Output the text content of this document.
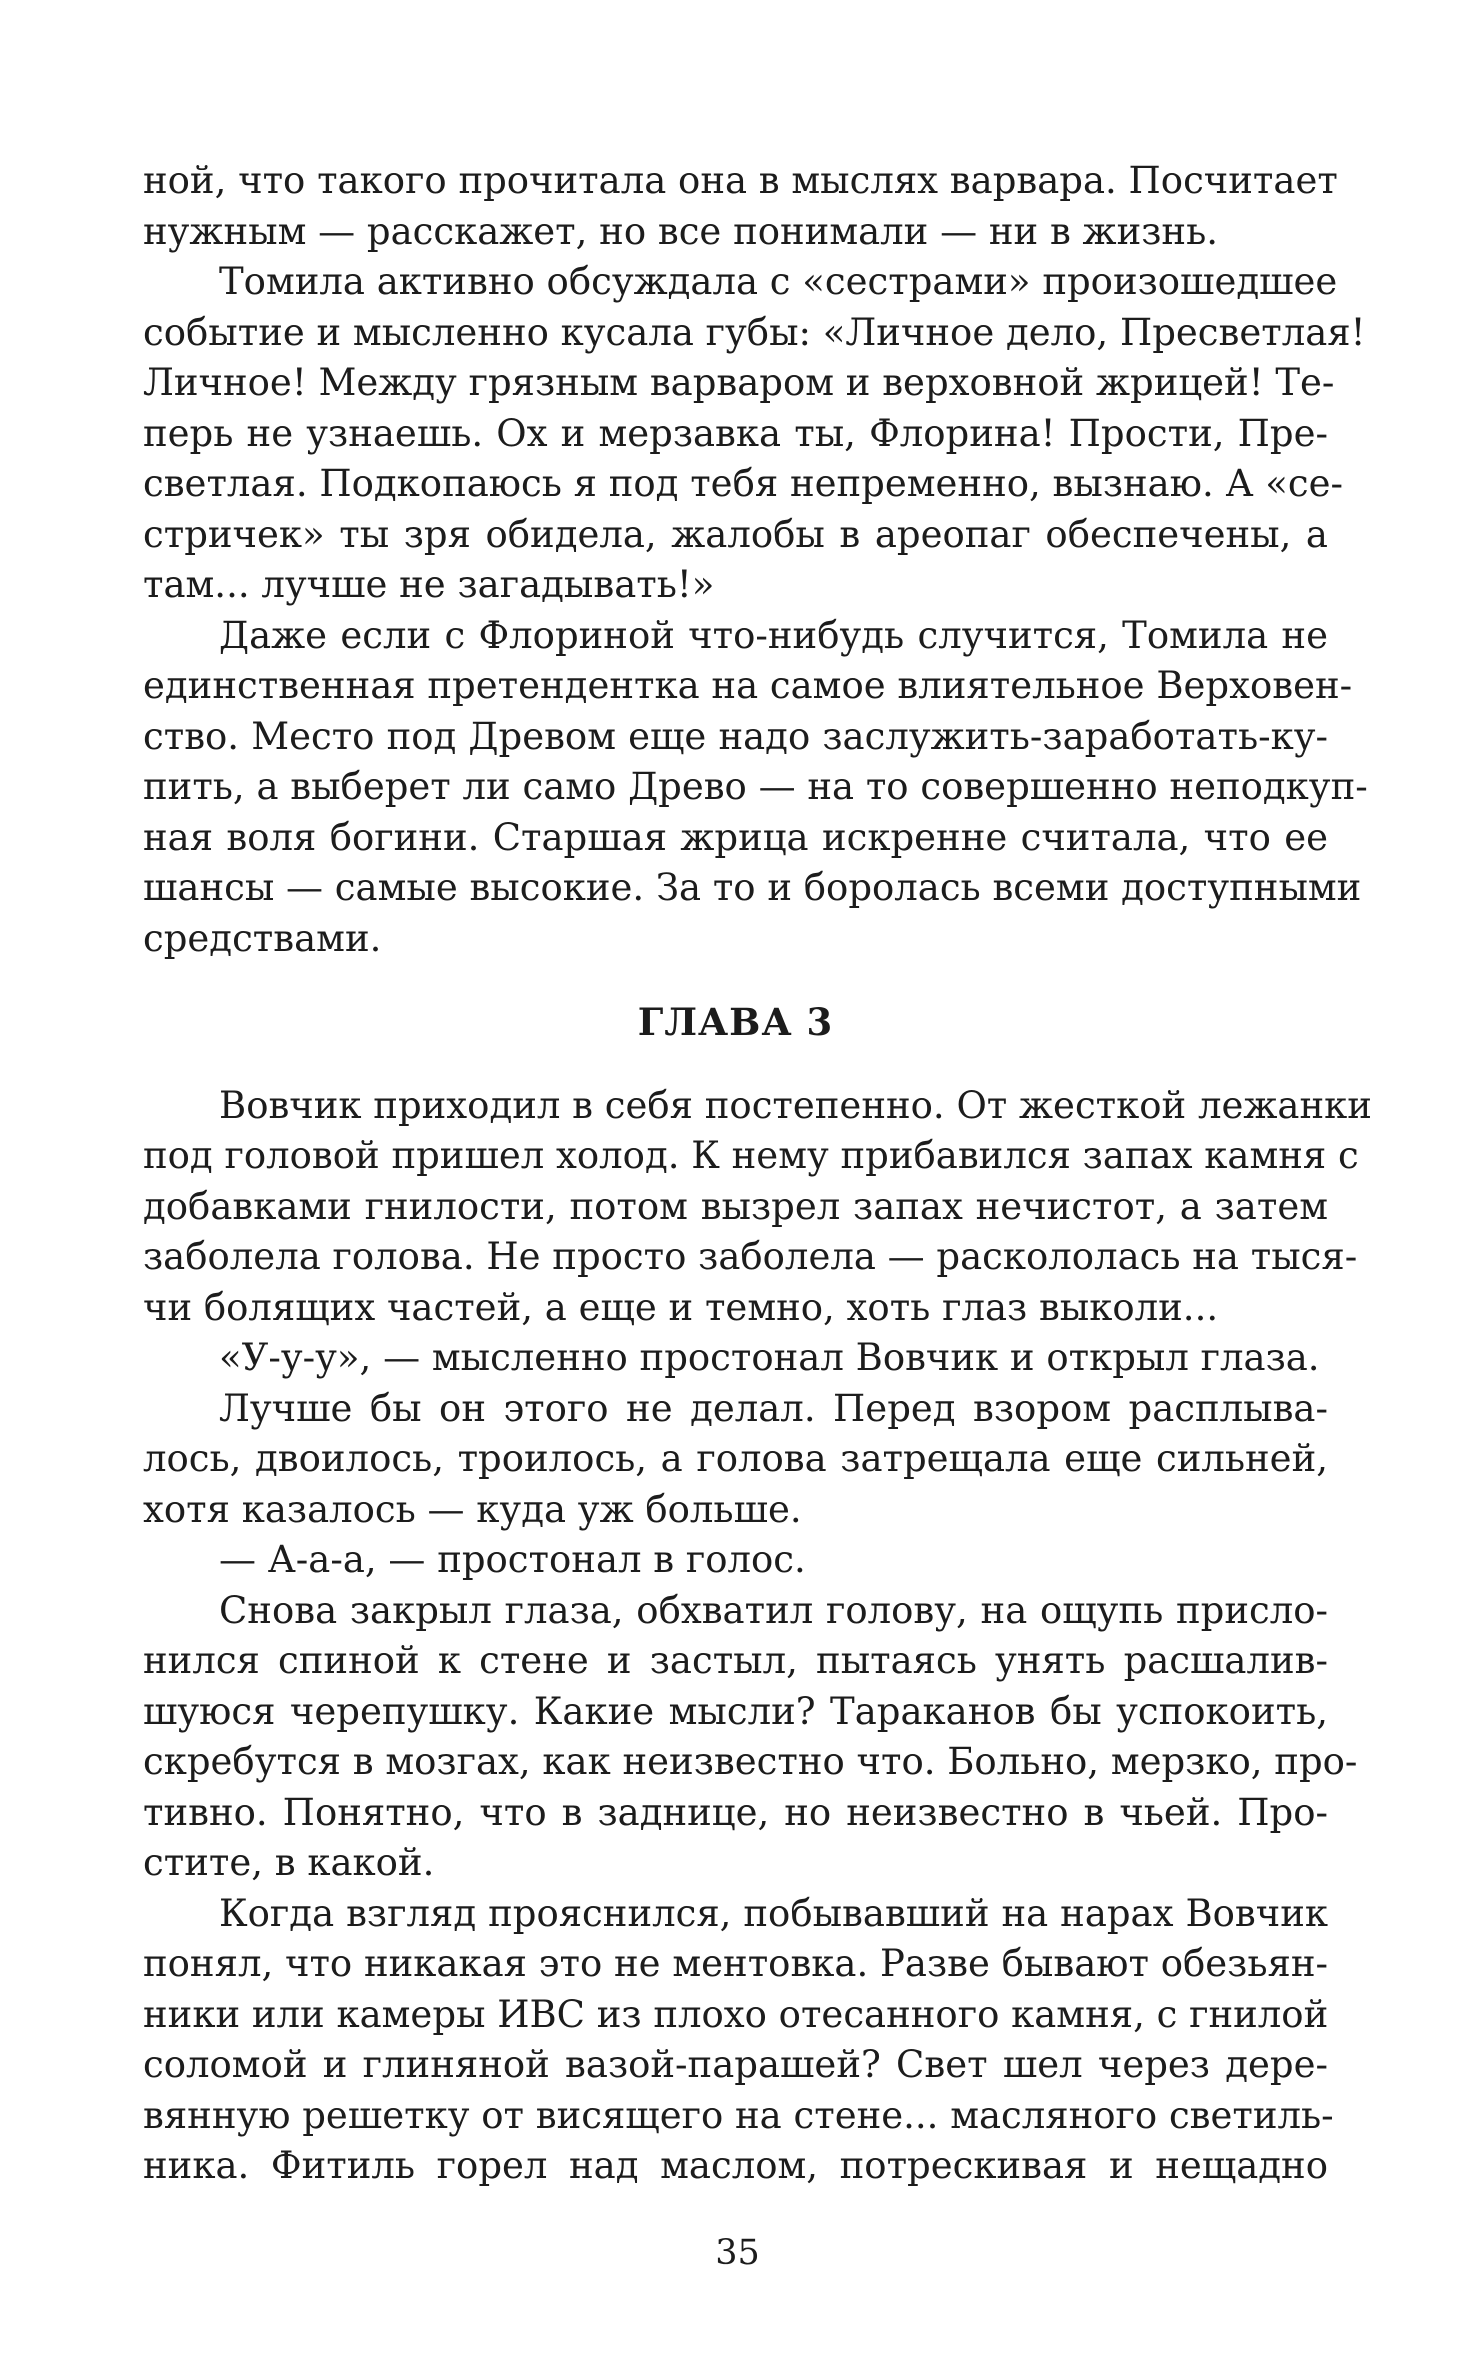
ной, что такого прочитала она в мыслях варвара. Посчитает
нужным — расскажет, но все понимали — ни в жизнь.
Томила активно обсуждала с «сестрами» произошедшее
событие и мысленно кусала губы: «Личное дело, Пресветлая!
Личное! Между грязным варваром и верховной жрицей! Те-
перь не узнаешь. Ох и мерзавка ты, Флорина! Прости, Пре-
светлая. Подкопаюсь я под тебя непременно, вызнаю. А «се-
стричек» ты зря обидела, жалобы в ареопаг обеспечены, а
там... лучше не загадывать!»
Даже если с Флориной что-нибудь случится, Томила не
единственная претендентка на самое влиятельное Верховен-
ство. Место под Древом еще надо заслужить-заработать-ку-
пить, а выберет ли само Древо — на то совершенно неподкуп-
ная воля богини. Старшая жрица искренне считала, что ее
шансы — самые высокие. За то и боролась всеми доступными
средствами.
ГЛАВА 3
Вовчик приходил в себя постепенно. От жесткой лежанки
под головой пришел холод. К нему прибавился запах камня с
добавками гнилости, потом вызрел запах нечистот, а затем
заболела голова. Не просто заболела — раскололась на тыся-
чи болящих частей, а еще и темно, хоть глаз выколи...
«У-у-у», — мысленно простонал Вовчик и открыл глаза.
Лучше бы он этого не делал. Перед взором расплыва-
лось, двоилось, троилось, а голова затрещала еще сильней,
хотя казалось — куда уж больше.
— А-а-а, — простонал в голос.
Снова закрыл глаза, обхватил голову, на ощупь прислo-
нился спиной к стене и застыл, пытаясь унять расшалив-
шуюся черепушку. Какие мысли? Тараканов бы успокоить,
скребутся в мозгах, как неизвестно что. Больно, мерзко, про-
тивно. Понятно, что в заднице, но неизвестно в чьей. Про-
стите, в какой.
Когда взгляд прояснился, побывавший на нарах Вовчик
понял, что никакая это не ментовка. Разве бывают обезьян-
ники или камеры ИВС из плохо отесанного камня, с гнилой
соломой и глиняной вазой-парашей? Свет шел через дере-
вянную решетку от висящего на стене... масляного светиль-
ника. Фитиль горел над маслом, потрескивая и нещадно
35
